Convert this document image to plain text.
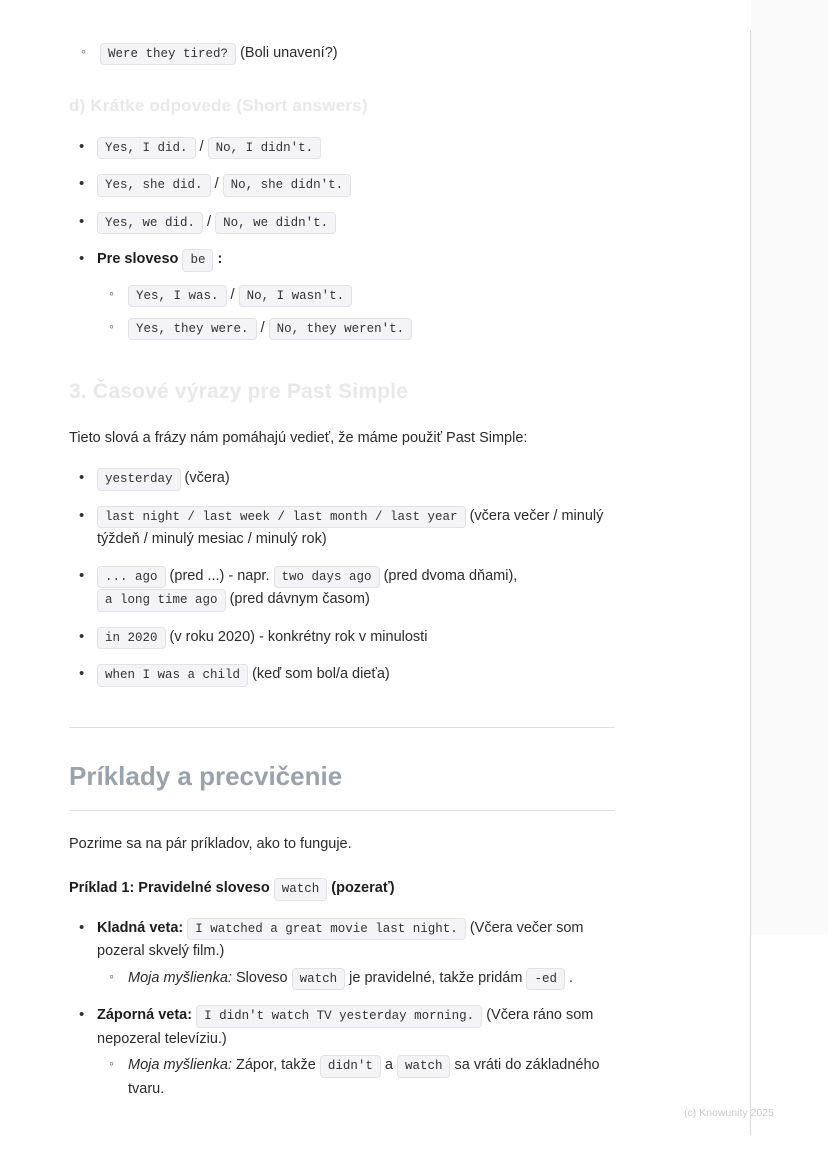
◦ Were they tired? (Boli unavení?)
d) Krátke odpovede (Short answers)
• Yes, I did. / No, I didn't.
• Yes, she did. / No, she didn't.
• Yes, we did. / No, we didn't.
• Pre sloveso be :
◦ Yes, I was. / No, I wasn't.
◦ Yes, they were. / No, they weren't.
3. Časové výrazy pre Past Simple

Tieto slová a frázy nám pomáhajú vedieť, že máme použiť Past Simple:

• yesterday (včera)
• last night / last week / last month / last year (včera večer / minulý týždeň / minulý mesiac / minulý rok)
• ... ago (pred ...) - napr. two days ago (pred dvoma dňami), a long time ago (pred dávnym časom)
• in 2020 (v roku 2020) - konkrétny rok v minulosti
• when I was a child (keď som bol/a dieťa)
Príklady a precvičenie

Pozrime sa na pár príkladov, ako to funguje.

Príklad 1: Pravidelné sloveso watch (pozerať)
• Kladná veta: I watched a great movie last night. (Včera večer som pozeral skvelý film.)
◦ Moja myšlienka: Sloveso watch je pravidelné, takže pridám -ed .
• Záporná veta: I didn't watch TV yesterday morning. (Včera ráno som nepozeral televíziu.)
◦ Moja myšlienka: Zápor, takže didn't a watch sa vráti do základného tvaru.
(c) Knowunity 2025
